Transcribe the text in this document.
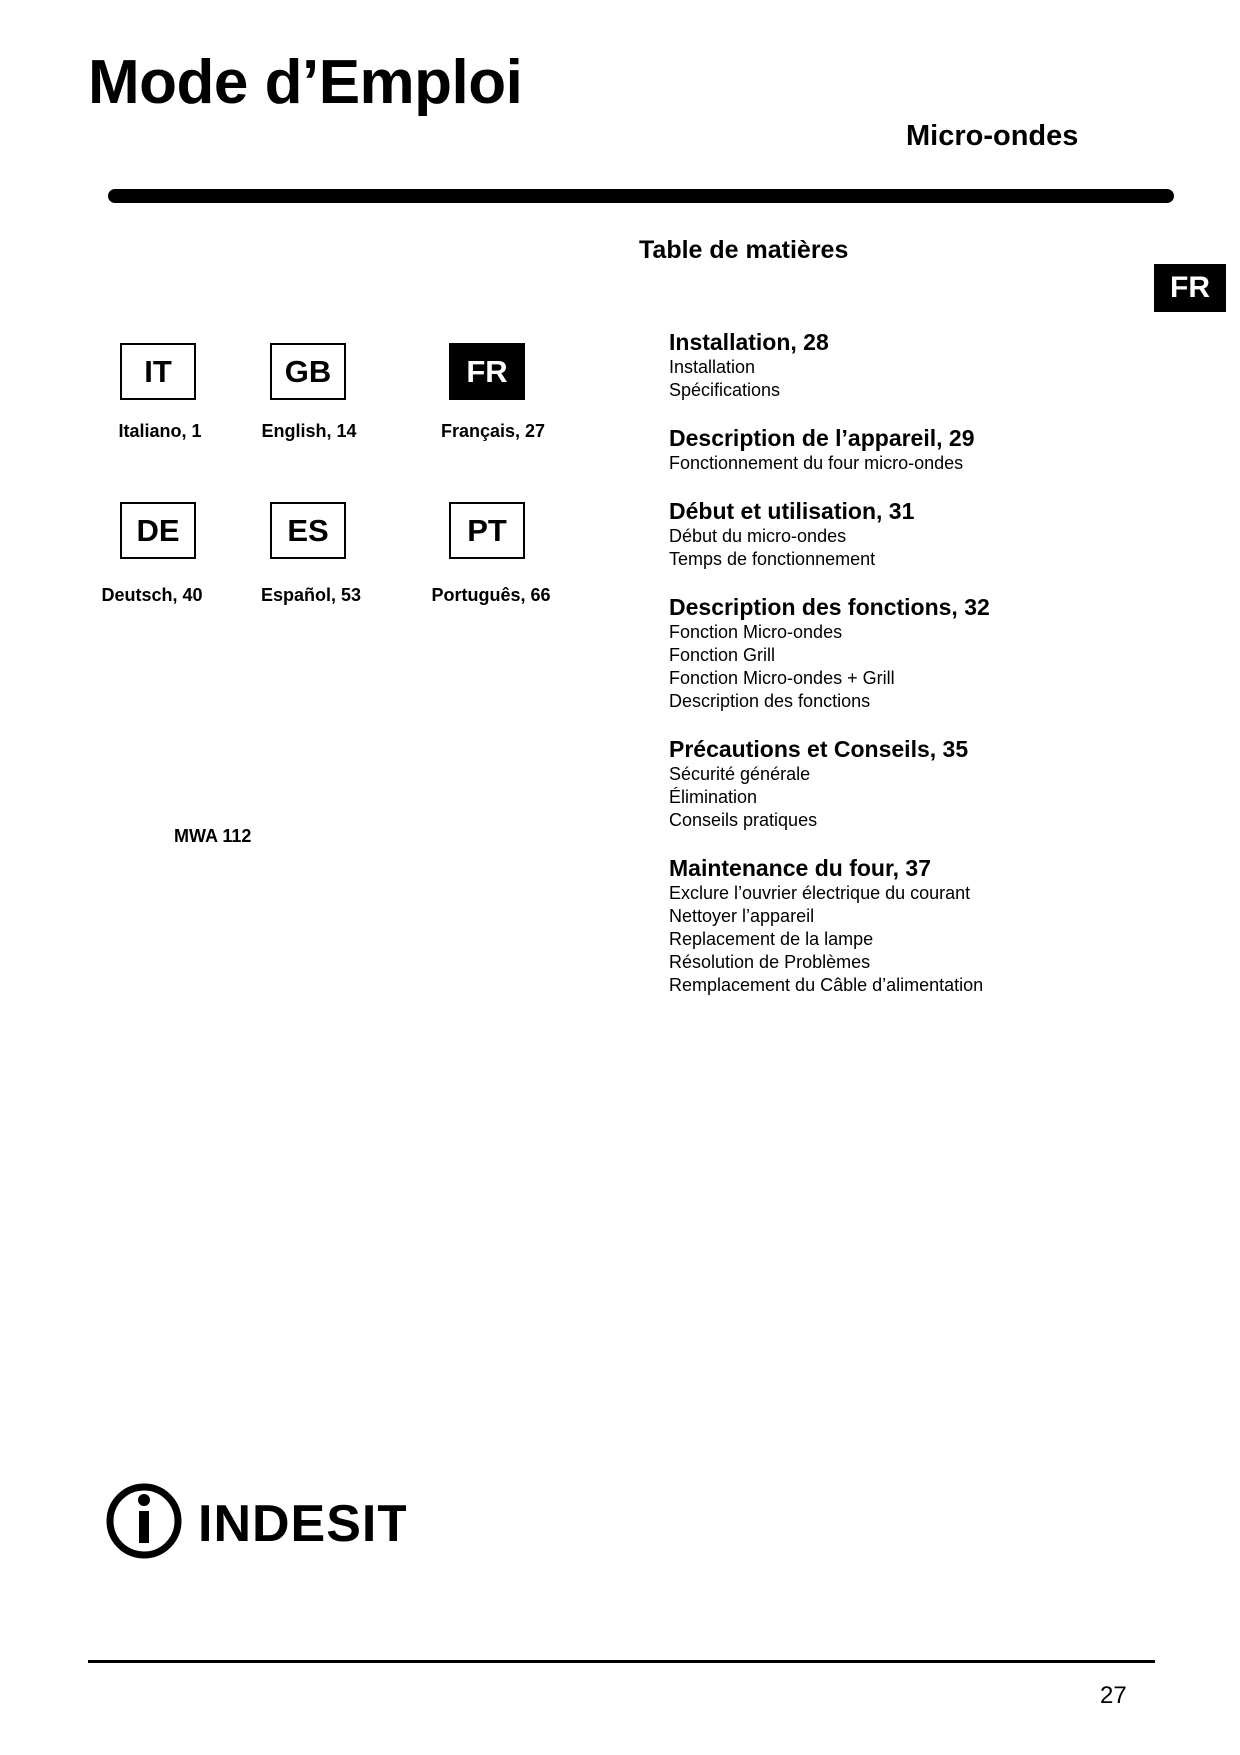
Mode d’Emploi
Micro-ondes
FR
IT	GB	FR
Italiano, 1	English, 14	Français, 27
DE	ES	PT
Deutsch, 40	Español, 53	Português, 66
MWA 112
Table de matières
Installation, 28
Installation
Spécifications
Description de l’appareil, 29
Fonctionnement du four micro-ondes
Début et utilisation, 31
Début du micro-ondes
Temps de fonctionnement
Description des fonctions, 32
Fonction Micro-ondes
Fonction Grill
Fonction Micro-ondes + Grill
Description des fonctions
Précautions et Conseils, 35
Sécurité générale
Élimination
Conseils pratiques
Maintenance du four, 37
Exclure l’ouvrier électrique du courant
Nettoyer l’appareil
Replacement de la lampe
Résolution de Problèmes
Remplacement du Câble d’alimentation
INDESIT
27
